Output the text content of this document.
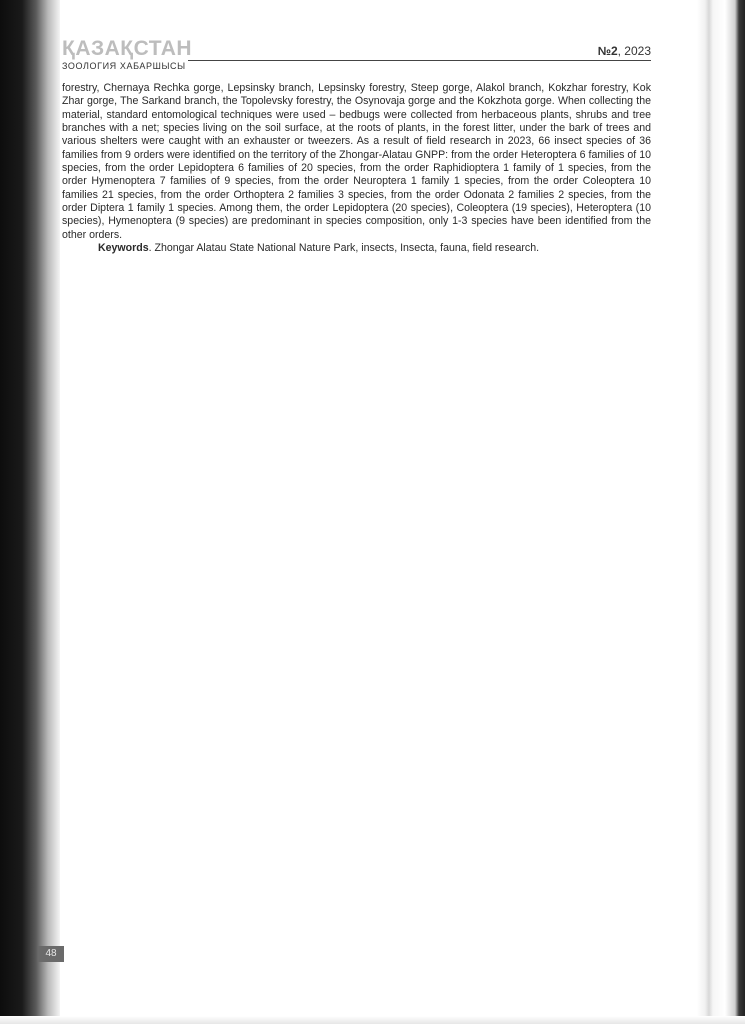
ҚАЗАҚСТАН
ЗООЛОГИЯ ХАБАРШЫСЫ
№2, 2023

forestry, Chernaya Rechka gorge, Lepsinsky branch, Lepsinsky forestry, Steep gorge, Alakol branch, Kokzhar forestry, Kok Zhar gorge, The Sarkand branch, the Topolevsky forestry, the Osynovaja gorge and the Kokzhota gorge. When collecting the material, standard entomological techniques were used – bedbugs were collected from herbaceous plants, shrubs and tree branches with a net; species living on the soil surface, at the roots of plants, in the forest litter, under the bark of trees and various shelters were caught with an exhauster or tweezers. As a result of field research in 2023, 66 insect species of 36 families from 9 orders were identified on the territory of the Zhongar-Alatau GNPP: from the order Heteroptera 6 families of 10 species, from the order Lepidoptera 6 families of 20 species, from the order Raphidioptera 1 family of 1 species, from the order Hymenoptera 7 families of 9 species, from the order Neuroptera 1 family 1 species, from the order Coleoptera 10 families 21 species, from the order Orthoptera 2 families 3 species, from the order Odonata 2 families 2 species, from the order Diptera 1 family 1 species. Among them, the order Lepidoptera (20 species), Coleoptera (19 species), Heteroptera (10 species), Hymenoptera (9 species) are predominant in species composition, only 1-3 species have been identified from the other orders.

Keywords. Zhongar Alatau State National Nature Park, insects, Insecta, fauna, field research.

48
